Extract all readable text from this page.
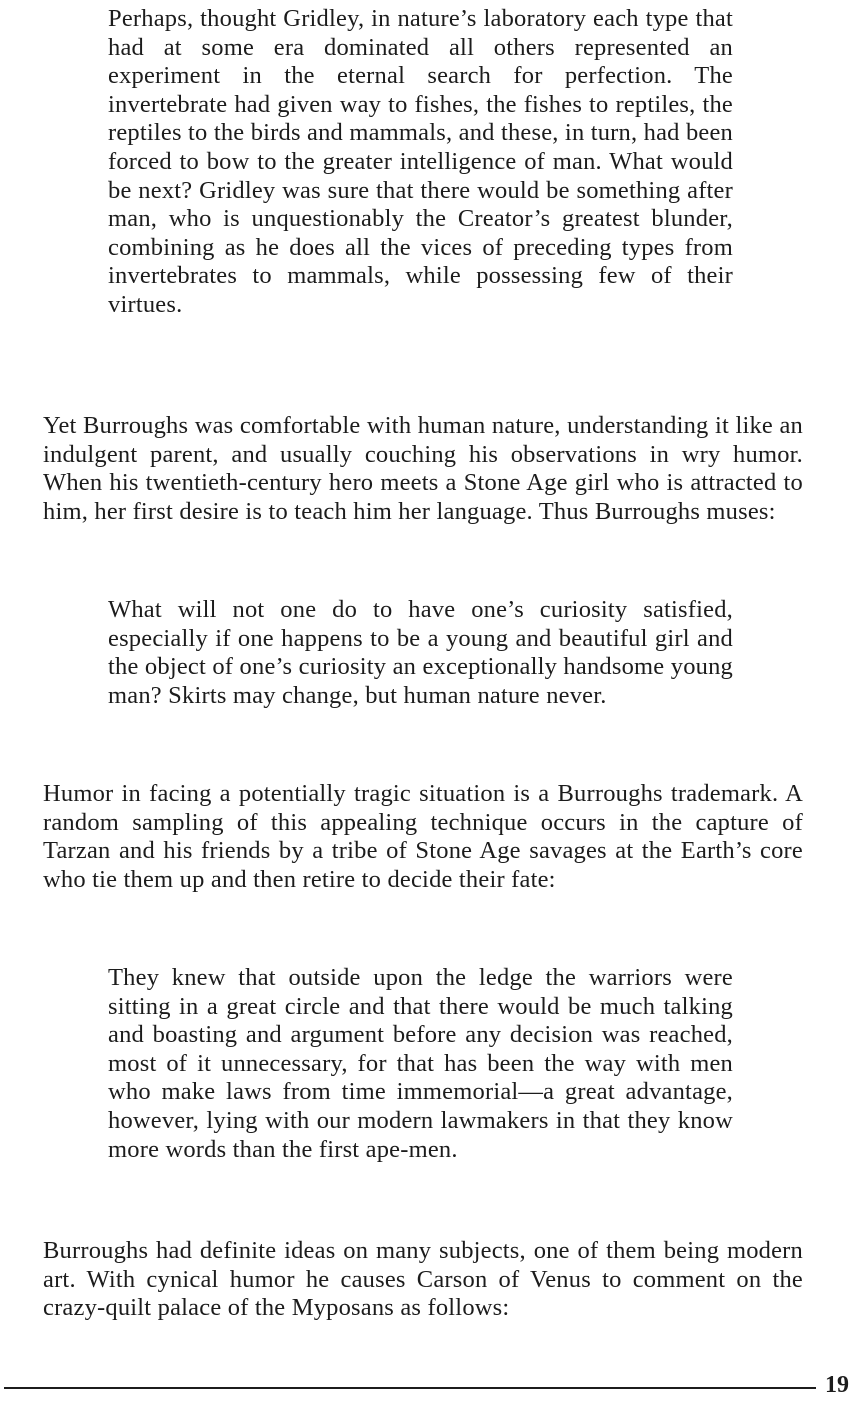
Perhaps, thought Gridley, in nature’s laboratory each type that had at some era dominated all others represented an experiment in the eternal search for perfection. The invertebrate had given way to fishes, the fishes to reptiles, the reptiles to the birds and mammals, and these, in turn, had been forced to bow to the greater intelligence of man. What would be next? Gridley was sure that there would be something after man, who is unquestionably the Creator’s greatest blunder, combining as he does all the vices of preceding types from invertebrates to mammals, while possessing few of their virtues.

Yet Burroughs was comfortable with human nature, understanding it like an indulgent parent, and usually couching his observations in wry humor. When his twentieth-century hero meets a Stone Age girl who is attracted to him, her first desire is to teach him her language. Thus Burroughs muses:

What will not one do to have one’s curiosity satisfied, especially if one happens to be a young and beautiful girl and the object of one’s curiosity an exceptionally handsome young man? Skirts may change, but human nature never.

Humor in facing a potentially tragic situation is a Burroughs trademark. A random sampling of this appealing technique occurs in the capture of Tarzan and his friends by a tribe of Stone Age savages at the Earth’s core who tie them up and then retire to decide their fate:

They knew that outside upon the ledge the warriors were sitting in a great circle and that there would be much talking and boasting and argument before any decision was reached, most of it unnecessary, for that has been the way with men who make laws from time immemorial—a great advantage, however, lying with our modern lawmakers in that they know more words than the first ape-men.

Burroughs had definite ideas on many subjects, one of them being modern art. With cynical humor he causes Carson of Venus to comment on the crazy-quilt palace of the Myposans as follows:

19
